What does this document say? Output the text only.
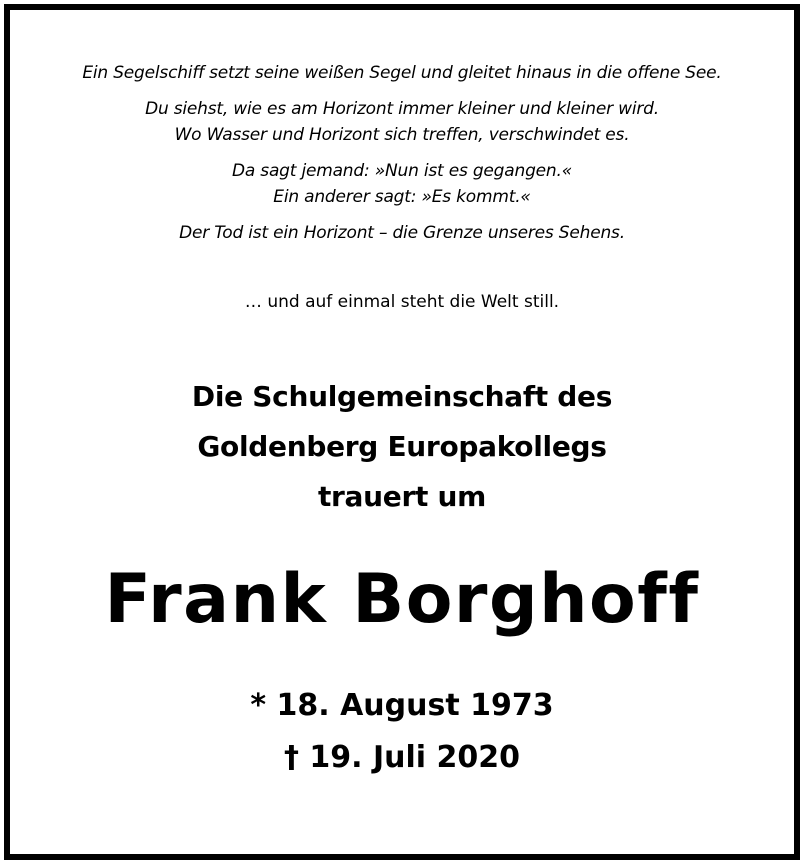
Ein Segelschiff setzt seine weißen Segel und gleitet hinaus in die offene See.

Du siehst, wie es am Horizont immer kleiner und kleiner wird.
Wo Wasser und Horizont sich treffen, verschwindet es.

Da sagt jemand: »Nun ist es gegangen.«
Ein anderer sagt: »Es kommt.«

Der Tod ist ein Horizont – die Grenze unseres Sehens.

… und auf einmal steht die Welt still.
Die Schulgemeinschaft des
Goldenberg Europakollegs
trauert um
Frank Borghoff
* 18. August 1973
† 19. Juli 2020
